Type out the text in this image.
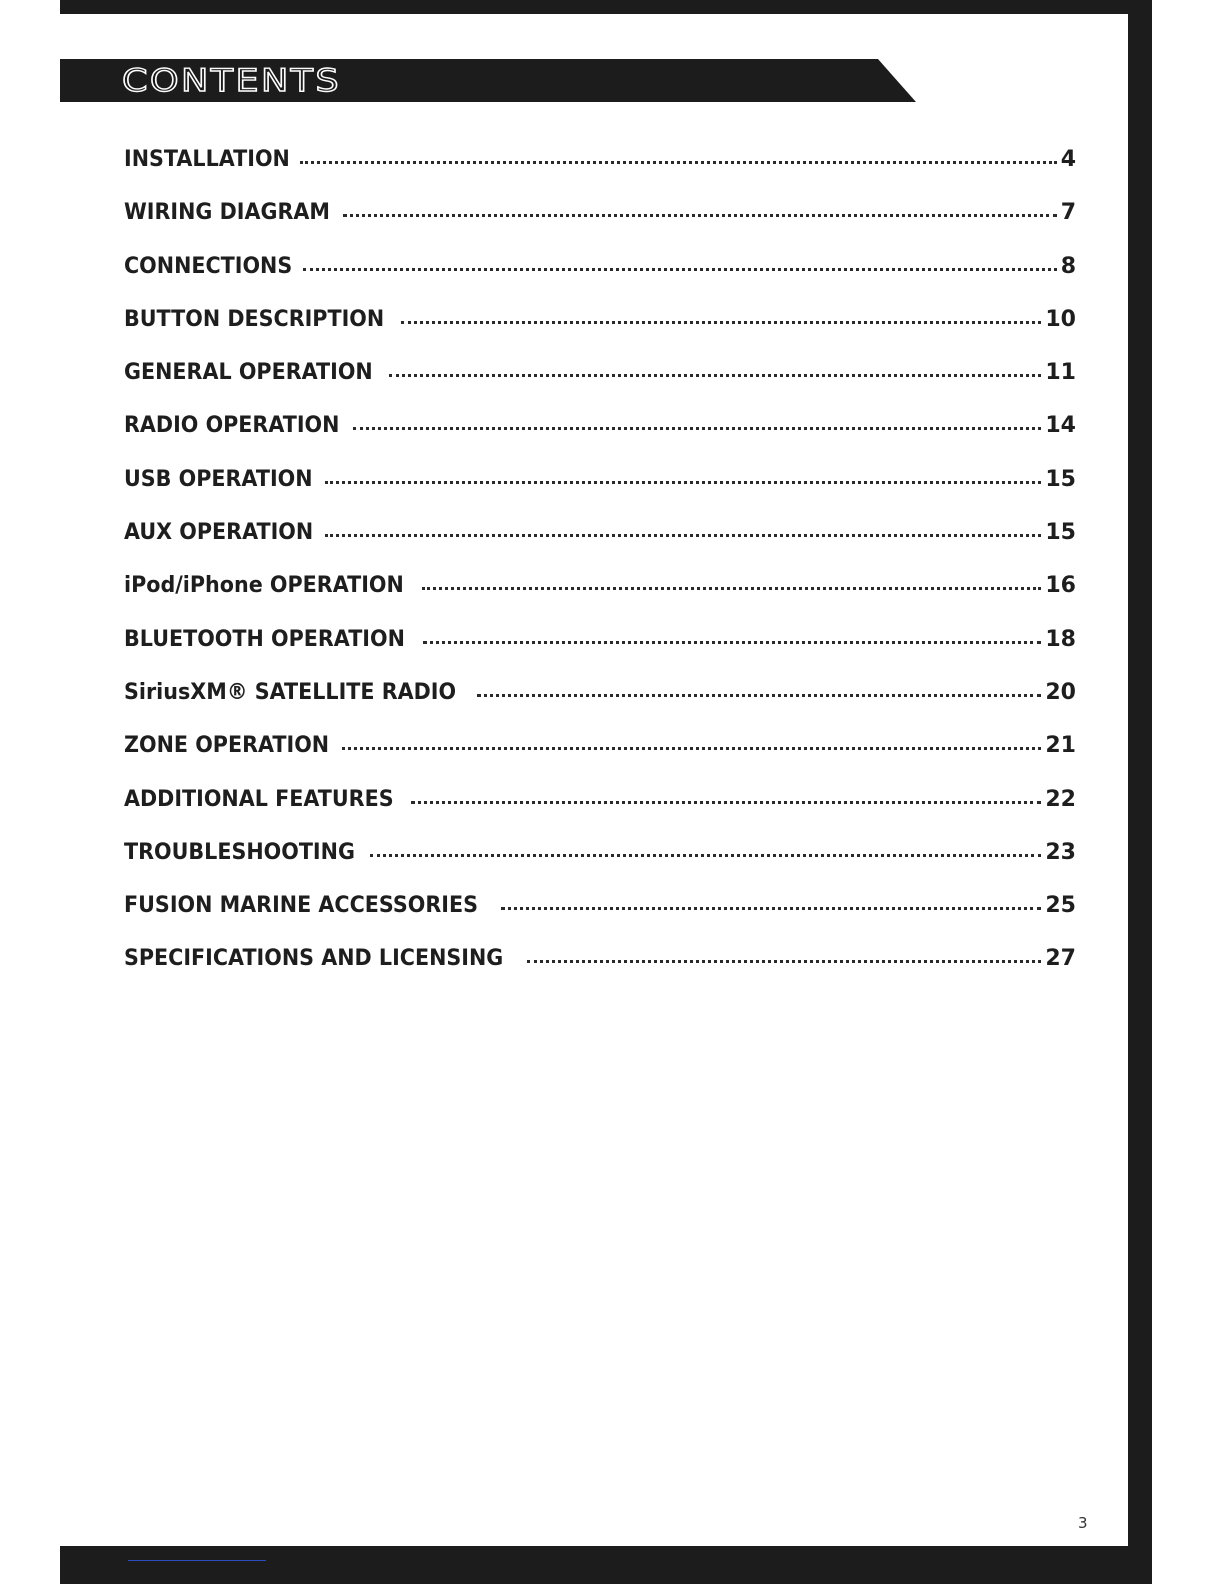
CONTENTS
INSTALLATION	4
WIRING DIAGRAM	7
CONNECTIONS	8
BUTTON DESCRIPTION	10
GENERAL OPERATION	11
RADIO OPERATION	14
USB OPERATION	15
AUX OPERATION	15
iPod/iPhone OPERATION	16
BLUETOOTH OPERATION	18
SiriusXM® SATELLITE RADIO	20
ZONE OPERATION	21
ADDITIONAL FEATURES	22
TROUBLESHOOTING	23
FUSION MARINE ACCESSORIES	25
SPECIFICATIONS AND LICENSING	27
3
